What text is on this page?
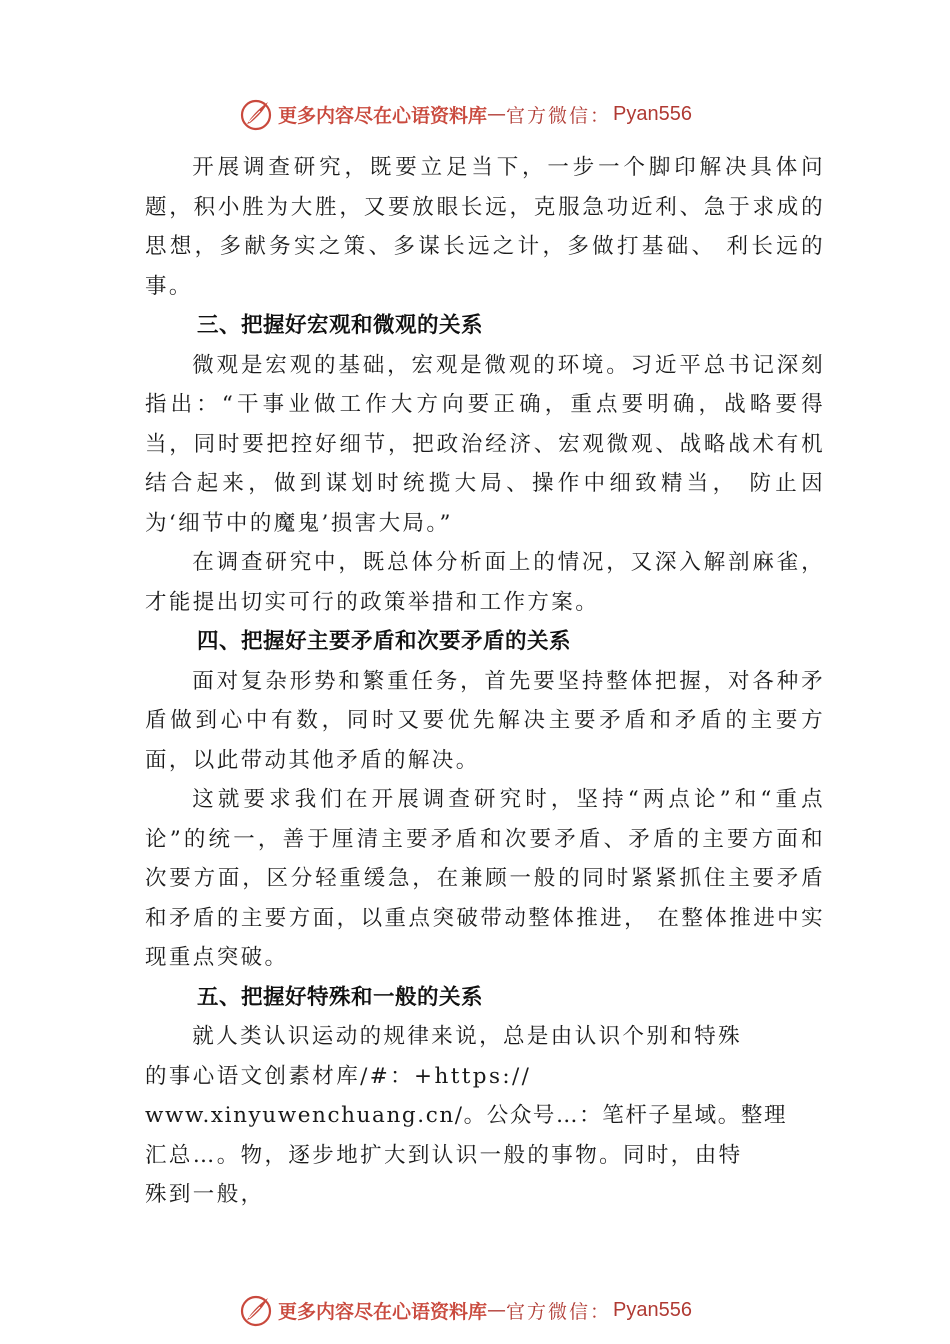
更多内容尽在心语资料库 — 官方微信： Pyan556

开展调查研究，既要立足当下，一步一个脚印解决具体问题，积小胜为大胜，又要放眼长远，克服急功近利、急于求成的思想，多献务实之策、多谋长远之计，多做打基础、 利长远的事。

三、把握好宏观和微观的关系

微观是宏观的基础，宏观是微观的环境。习近平总书记深刻指出：“干事业做工作大方向要正确，重点要明确，战略要得当，同时要把控好细节，把政治经济、宏观微观、战略战术有机结合起来，做到谋划时统揽大局、操作中细致精当， 防止因为‘细节中的魔鬼’损害大局。”

在调查研究中，既总体分析面上的情况，又深入解剖麻雀，才能提出切实可行的政策举措和工作方案。

四、把握好主要矛盾和次要矛盾的关系

面对复杂形势和繁重任务，首先要坚持整体把握，对各种矛盾做到心中有数，同时又要优先解决主要矛盾和矛盾的主要方面，以此带动其他矛盾的解决。

这就要求我们在开展调查研究时，坚持“两点论”和“重点论”的统一，善于厘清主要矛盾和次要矛盾、矛盾的主要方面和次要方面，区分轻重缓急，在兼顾一般的同时紧紧抓住主要矛盾和矛盾的主要方面，以重点突破带动整体推进， 在整体推进中实现重点突破。

五、把握好特殊和一般的关系

就人类认识运动的规律来说，总是由认识个别和特殊

的事心语文创素材库/#：+https://

www.xinyuwenchuang.cn/。公众号…：笔杆子星域。整理

汇总…。物，逐步地扩大到认识一般的事物。同时，由特

殊到一般，

更多内容尽在心语资料库 — 官方微信： Pyan556
